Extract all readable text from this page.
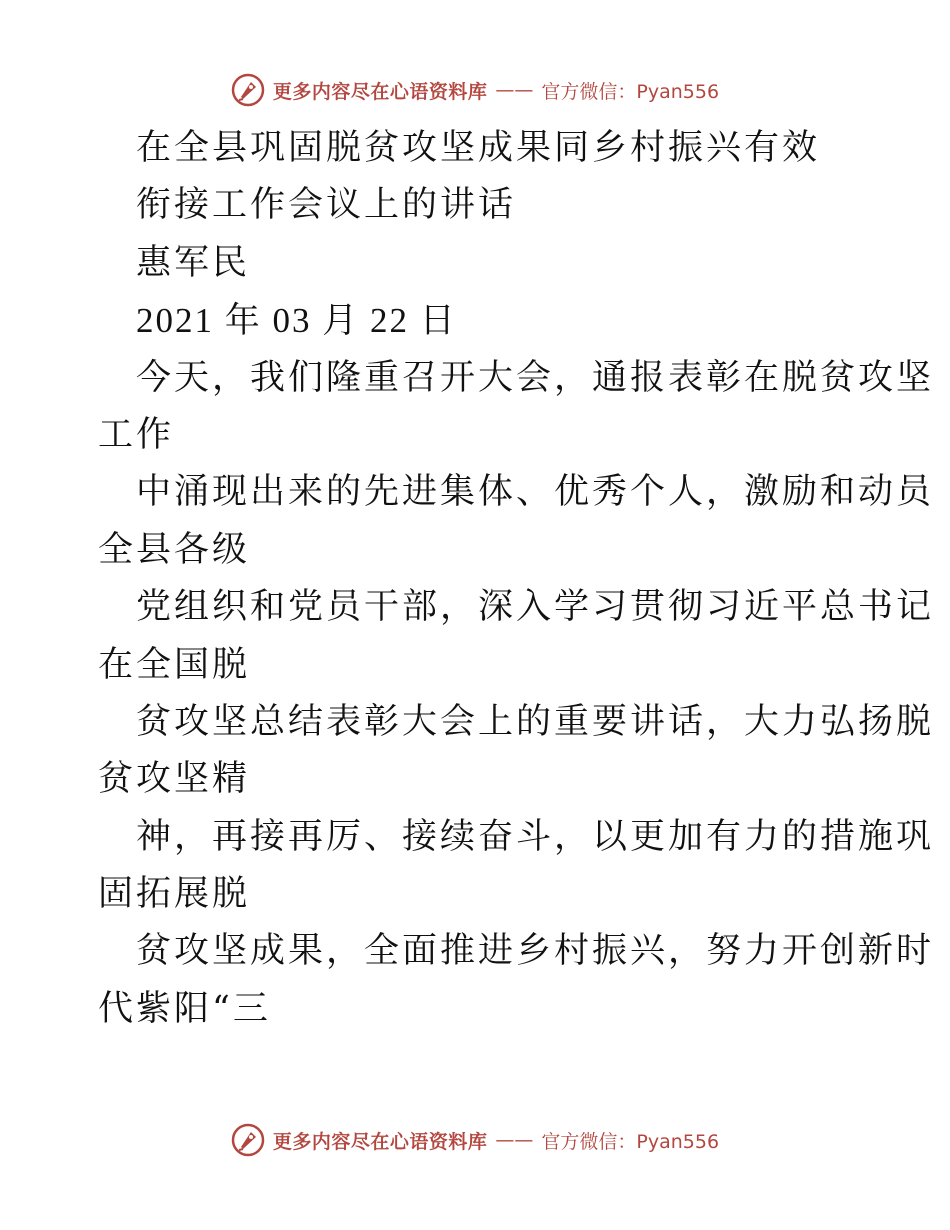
更多内容尽在心语资料库 —— 官方微信：Pyan556
在全县巩固脱贫攻坚成果同乡村振兴有效
衔接工作会议上的讲话
惠军民
2021 年 03 月 22 日
今天，我们隆重召开大会，通报表彰在脱贫攻坚
工作
中涌现出来的先进集体、优秀个人，激励和动员
全县各级
党组织和党员干部，深入学习贯彻习近平总书记
在全国脱
贫攻坚总结表彰大会上的重要讲话，大力弘扬脱
贫攻坚精
神，再接再厉、接续奋斗，以更加有力的措施巩
固拓展脱
贫攻坚成果，全面推进乡村振兴，努力开创新时
代紫阳“三
更多内容尽在心语资料库 —— 官方微信：Pyan556
